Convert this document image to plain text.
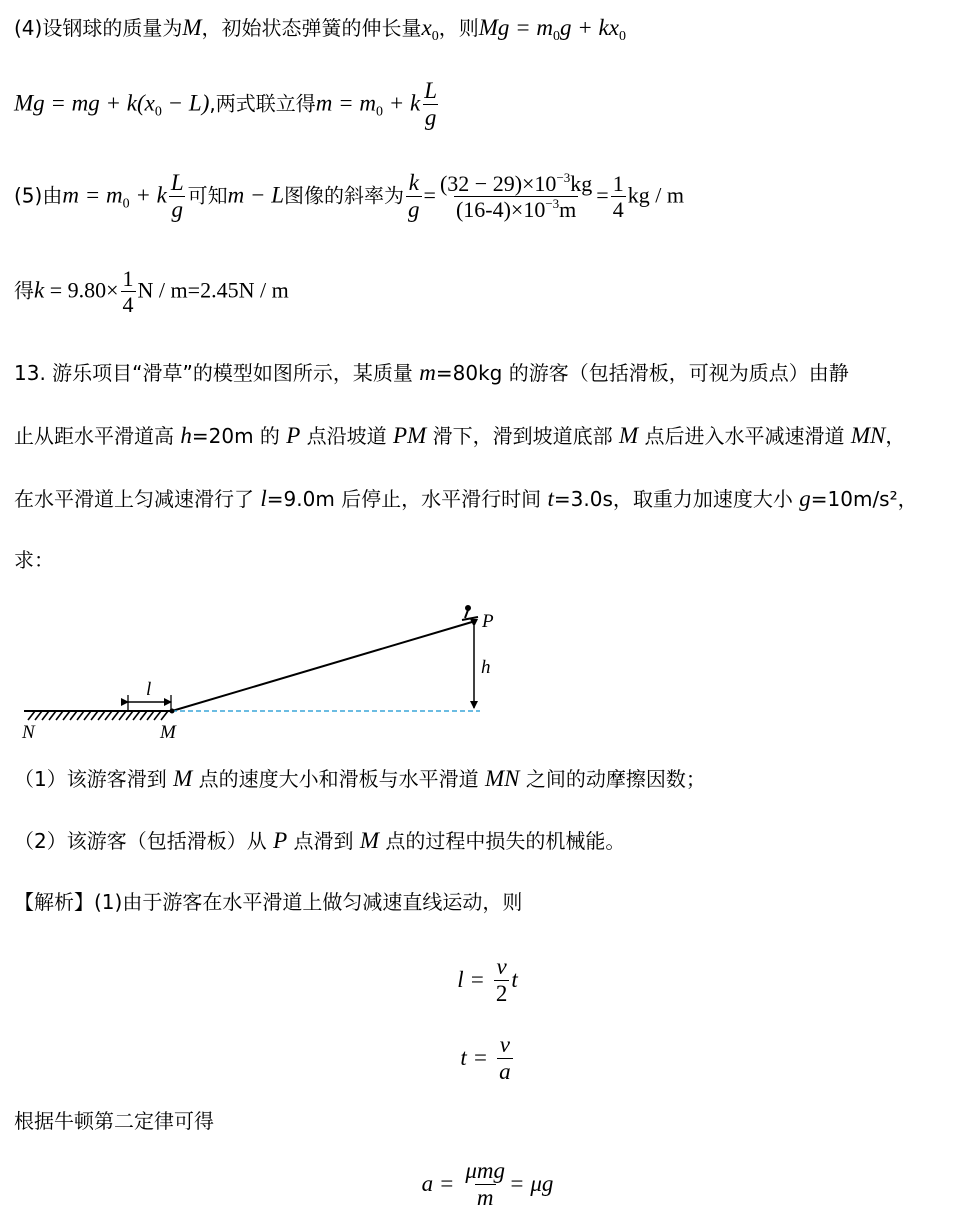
(4)设钢球的质量为M，初始状态弹簧的伸长量$x_0$，则$Mg = m_0g + kx_0$
Mg = mg + $k(x_0 - L)$,两式联立得$m = m_0 + k \frac{L}{g}$
(5)由$m = m_0 + k \frac{L}{g}$ 可知m − L图像的斜率为 $\frac{k}{g} = \frac{(32 - 29)\times 10^{-3}kg}{(16-4)\times 10^{-3}m} = \frac{1}{4}$ kg / m
得$k = 9.80\times \frac{1}{4}$ N / m=2.45N / m
13. 游乐项目“滑草”的模型如图所示，某质量 m=80kg 的游客（包括滑板，可视为质点）由静
止从距水平滑道高 h=20m 的 P 点沿坡道 PM 滑下，滑到坡道底部 M 点后进入水平减速滑道 MN，
在水平滑道上匀减速滑行了 l=9.0m 后停止，水平滑行时间 t=3.0s，取重力加速度大小 g=10m/s²，
求：
P
h
l
N	M
（1）该游客滑到 M 点的速度大小和滑板与水平滑道 MN 之间的动摩擦因数；
（2）该游客（包括滑板）从 P 点滑到 M 点的过程中损失的机械能。
【解析】(1)由于游客在水平滑道上做匀减速直线运动，则
$l = \frac{v}{2}$ t
$t = \frac{v}{a}$
根据牛顿第二定律可得
$a = \frac{\text{μmg}}{m} = \mu g$
